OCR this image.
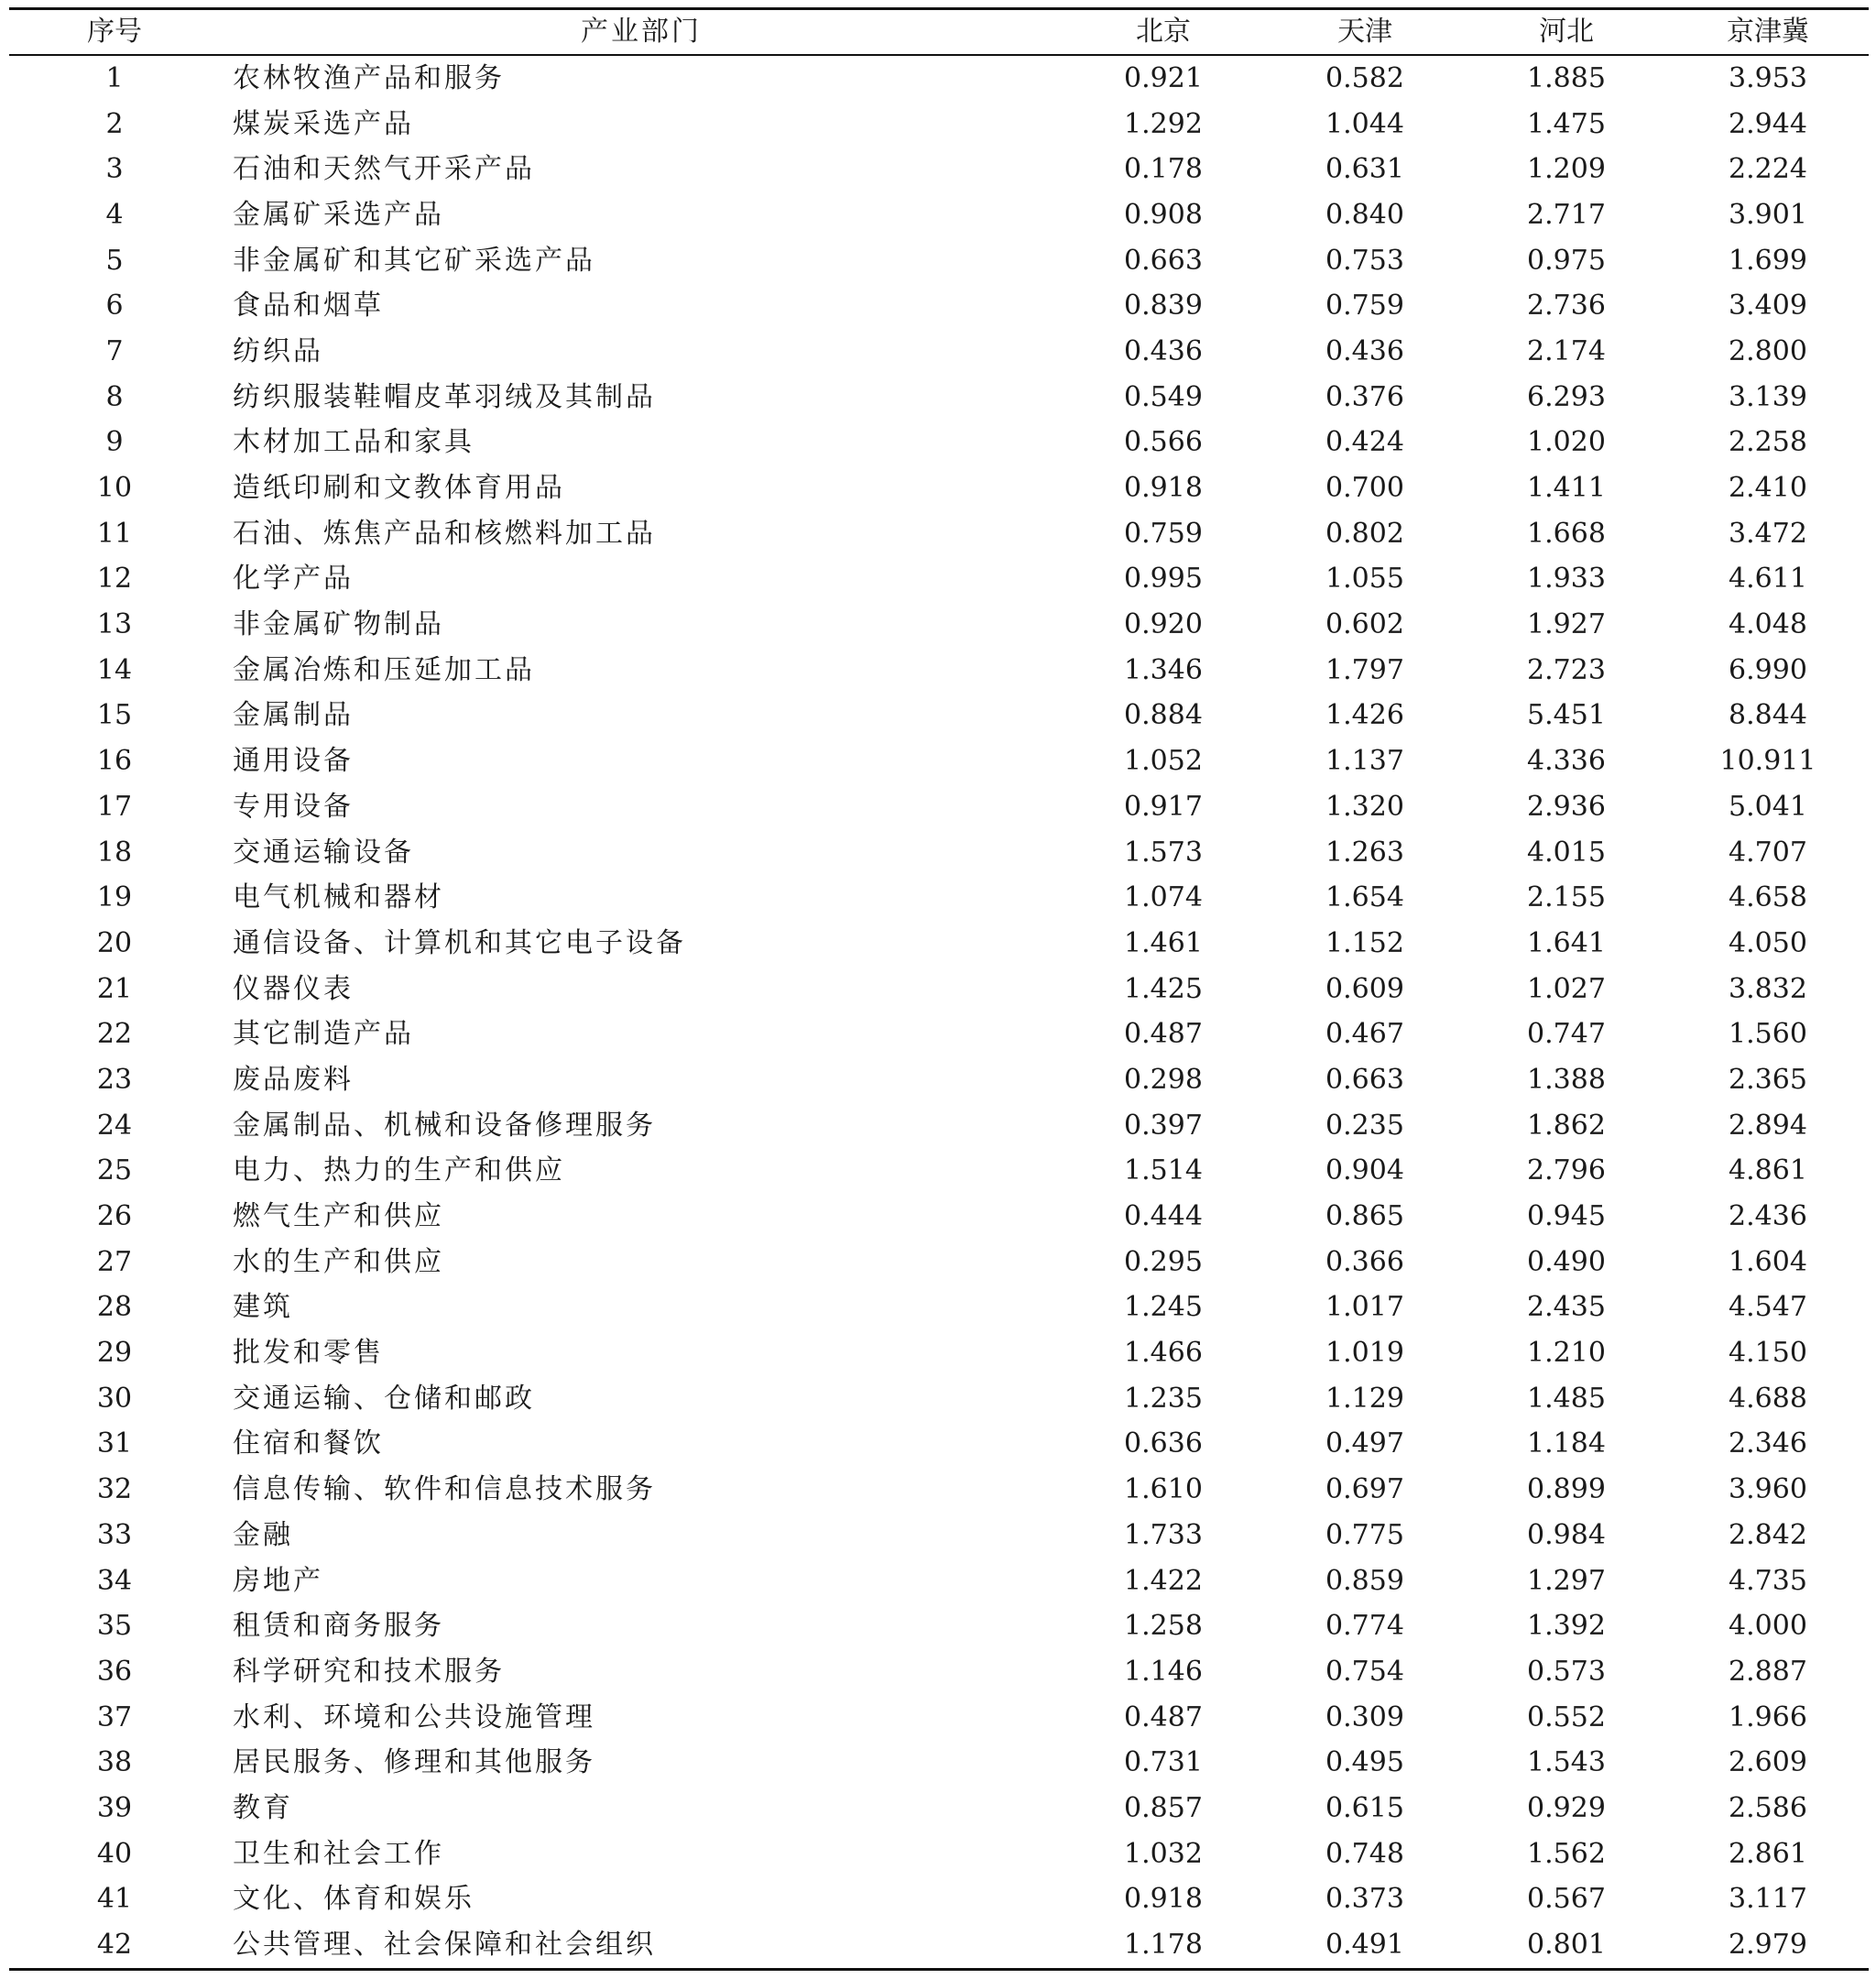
序号	产业部门	北京	天津	河北	京津冀
1	农林牧渔产品和服务	0.921	0.582	1.885	3.953
2	煤炭采选产品	1.292	1.044	1.475	2.944
3	石油和天然气开采产品	0.178	0.631	1.209	2.224
4	金属矿采选产品	0.908	0.840	2.717	3.901
5	非金属矿和其它矿采选产品	0.663	0.753	0.975	1.699
6	食品和烟草	0.839	0.759	2.736	3.409
7	纺织品	0.436	0.436	2.174	2.800
8	纺织服装鞋帽皮革羽绒及其制品	0.549	0.376	6.293	3.139
9	木材加工品和家具	0.566	0.424	1.020	2.258
10	造纸印刷和文教体育用品	0.918	0.700	1.411	2.410
11	石油、炼焦产品和核燃料加工品	0.759	0.802	1.668	3.472
12	化学产品	0.995	1.055	1.933	4.611
13	非金属矿物制品	0.920	0.602	1.927	4.048
14	金属冶炼和压延加工品	1.346	1.797	2.723	6.990
15	金属制品	0.884	1.426	5.451	8.844
16	通用设备	1.052	1.137	4.336	10.911
17	专用设备	0.917	1.320	2.936	5.041
18	交通运输设备	1.573	1.263	4.015	4.707
19	电气机械和器材	1.074	1.654	2.155	4.658
20	通信设备、计算机和其它电子设备	1.461	1.152	1.641	4.050
21	仪器仪表	1.425	0.609	1.027	3.832
22	其它制造产品	0.487	0.467	0.747	1.560
23	废品废料	0.298	0.663	1.388	2.365
24	金属制品、机械和设备修理服务	0.397	0.235	1.862	2.894
25	电力、热力的生产和供应	1.514	0.904	2.796	4.861
26	燃气生产和供应	0.444	0.865	0.945	2.436
27	水的生产和供应	0.295	0.366	0.490	1.604
28	建筑	1.245	1.017	2.435	4.547
29	批发和零售	1.466	1.019	1.210	4.150
30	交通运输、仓储和邮政	1.235	1.129	1.485	4.688
31	住宿和餐饮	0.636	0.497	1.184	2.346
32	信息传输、软件和信息技术服务	1.610	0.697	0.899	3.960
33	金融	1.733	0.775	0.984	2.842
34	房地产	1.422	0.859	1.297	4.735
35	租赁和商务服务	1.258	0.774	1.392	4.000
36	科学研究和技术服务	1.146	0.754	0.573	2.887
37	水利、环境和公共设施管理	0.487	0.309	0.552	1.966
38	居民服务、修理和其他服务	0.731	0.495	1.543	2.609
39	教育	0.857	0.615	0.929	2.586
40	卫生和社会工作	1.032	0.748	1.562	2.861
41	文化、体育和娱乐	0.918	0.373	0.567	3.117
42	公共管理、社会保障和社会组织	1.178	0.491	0.801	2.979
